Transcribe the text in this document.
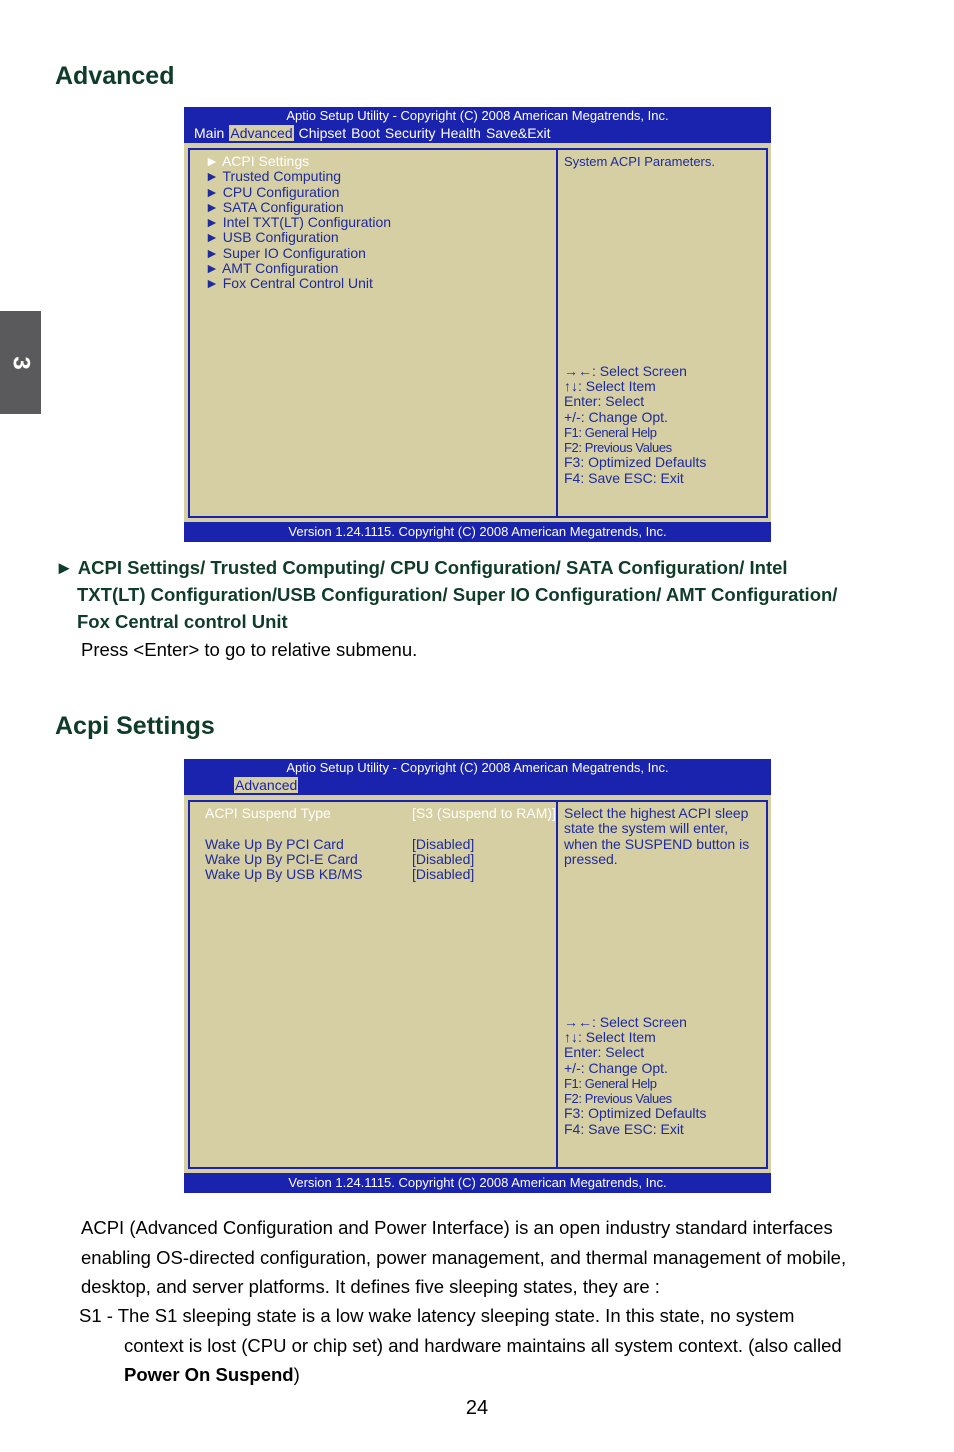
3
Advanced
Aptio Setup Utility - Copyright (C) 2008 American Megatrends, Inc.
Main Advanced Chipset Boot Security Health Save&Exit
► ACPI Settings
► Trusted Computing
► CPU Configuration
► SATA Configuration
► Intel TXT(LT) Configuration
► USB Configuration
► Super IO Configuration
► AMT Configuration
► Fox Central Control Unit
System ACPI Parameters.
→←: Select Screen
↑↓: Select Item
Enter: Select
+/-: Change Opt.
F1: General Help
F2: Previous Values
F3: Optimized Defaults
F4: Save ESC: Exit
Version 1.24.1115. Copyright (C) 2008 American Megatrends, Inc.
► ACPI Settings/ Trusted Computing/ CPU Configuration/ SATA Configuration/ Intel
TXT(LT) Configuration/USB Configuration/ Super IO Configuration/ AMT Configuration/
Fox Central control Unit
Press <Enter> to go to relative submenu.
Acpi Settings
Aptio Setup Utility - Copyright (C) 2008 American Megatrends, Inc.
Advanced
ACPI Suspend Type	[S3 (Suspend to RAM)]
Wake Up By PCI Card	[Disabled]
Wake Up By PCI-E Card	[Disabled]
Wake Up By USB KB/MS	[Disabled]
Select the highest ACPI sleep state the system will enter, when the SUSPEND button is pressed.
→←: Select Screen
↑↓: Select Item
Enter: Select
+/-: Change Opt.
F1: General Help
F2: Previous Values
F3: Optimized Defaults
F4: Save ESC: Exit
Version 1.24.1115. Copyright (C) 2008 American Megatrends, Inc.
ACPI (Advanced Configuration and Power Interface) is an open industry standard interfaces
enabling OS-directed configuration, power management, and thermal management of mobile,
desktop, and server platforms. It defines five sleeping states, they are :
S1 - The S1 sleeping state is a low wake latency sleeping state. In this state, no system
context is lost (CPU or chip set) and hardware maintains all system context. (also called
Power On Suspend)
24
